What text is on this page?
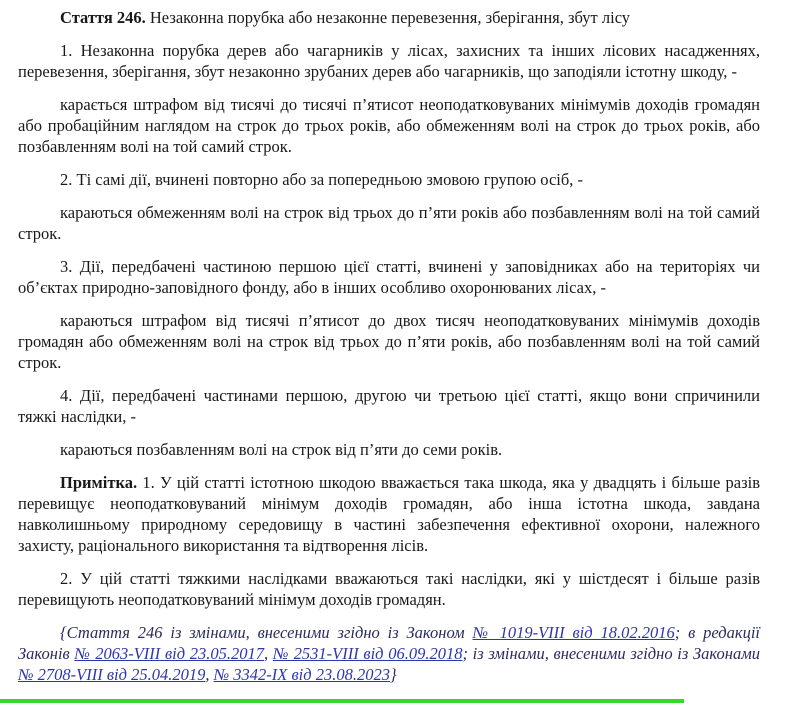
Стаття 246. Незаконна порубка або незаконне перевезення, зберігання, збут лісу

1. Незаконна порубка дерев або чагарників у лісах, захисних та інших лісових насадженнях, перевезення, зберігання, збут незаконно зрубаних дерев або чагарників, що заподіяли істотну шкоду, -

карається штрафом від тисячі до тисячі п’ятисот неоподатковуваних мінімумів доходів громадян або пробаційним наглядом на строк до трьох років, або обмеженням волі на строк до трьох років, або позбавленням волі на той самий строк.

2. Ті самі дії, вчинені повторно або за попередньою змовою групою осіб, -

караються обмеженням волі на строк від трьох до п’яти років або позбавленням волі на той самий строк.

3. Дії, передбачені частиною першою цієї статті, вчинені у заповідниках або на територіях чи об’єктах природно-заповідного фонду, або в інших особливо охоронюваних лісах, -

караються штрафом від тисячі п’ятисот до двох тисяч неоподатковуваних мінімумів доходів громадян або обмеженням волі на строк від трьох до п’яти років, або позбавленням волі на той самий строк.

4. Дії, передбачені частинами першою, другою чи третьою цієї статті, якщо вони спричинили тяжкі наслідки, -

караються позбавленням волі на строк від п’яти до семи років.

Примітка. 1. У цій статті істотною шкодою вважається така шкода, яка у двадцять і більше разів перевищує неоподатковуваний мінімум доходів громадян, або інша істотна шкода, завдана навколишньому природному середовищу в частині забезпечення ефективної охорони, належного захисту, раціонального використання та відтворення лісів.

2. У цій статті тяжкими наслідками вважаються такі наслідки, які у шістдесят і більше разів перевищують неоподатковуваний мінімум доходів громадян.

{Стаття 246 із змінами, внесеними згідно із Законом № 1019-VIII від 18.02.2016; в редакції Законів № 2063-VIII від 23.05.2017, № 2531-VIII від 06.09.2018; із змінами, внесеними згідно із Законами № 2708-VIII від 25.04.2019, № 3342-IX від 23.08.2023}
